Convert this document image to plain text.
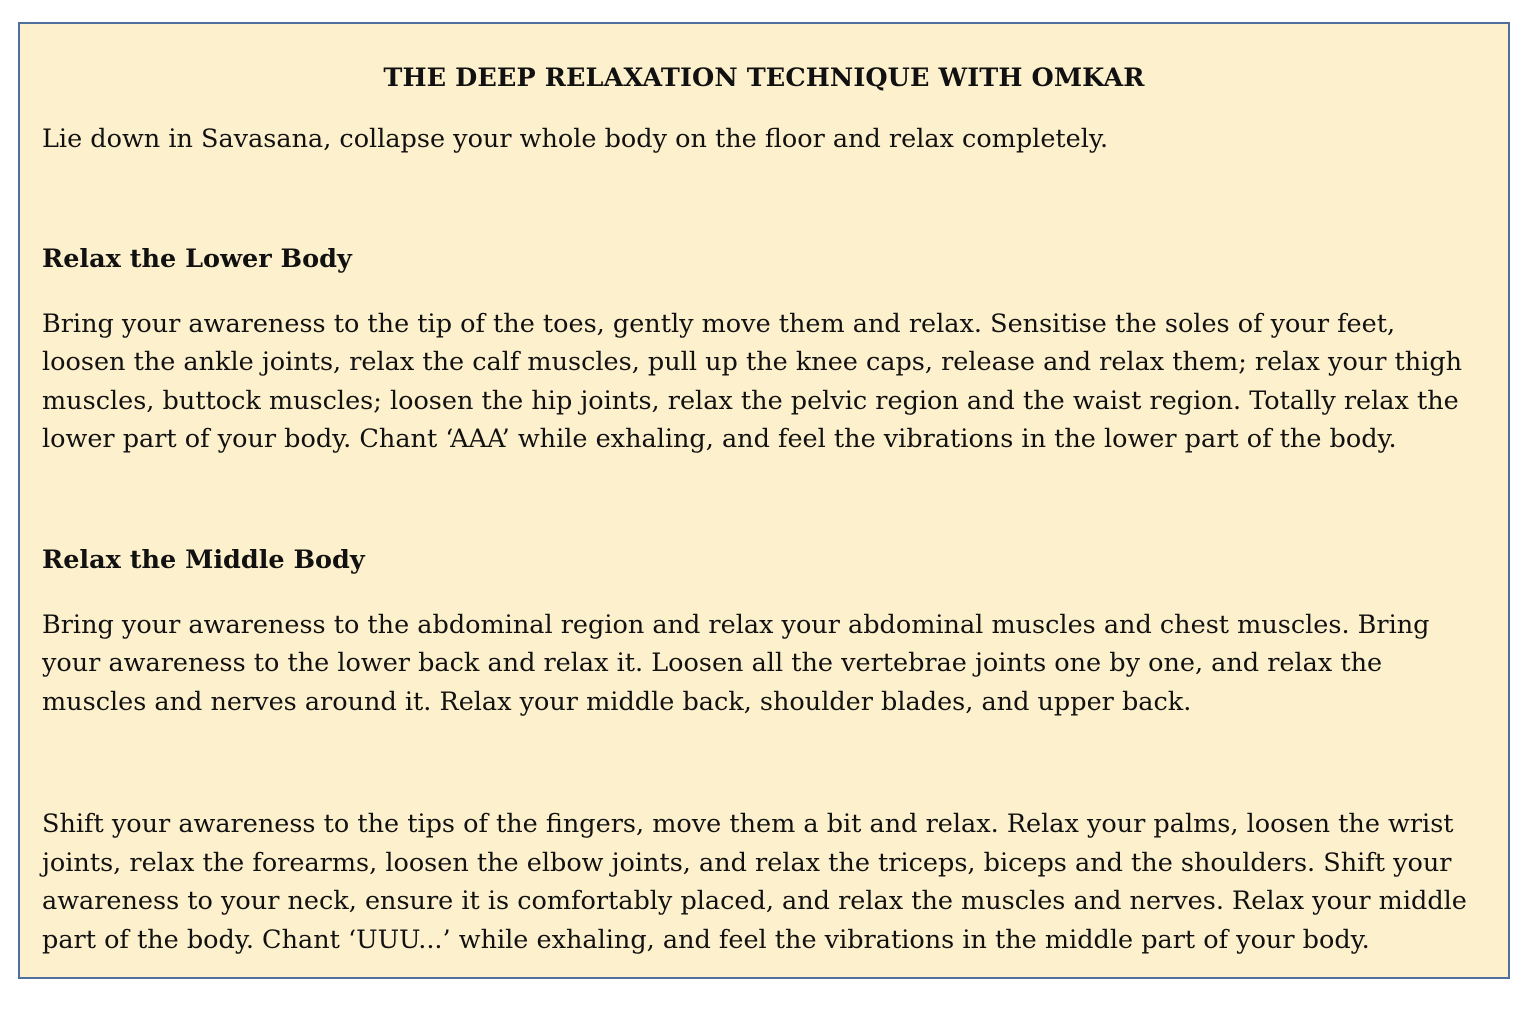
THE DEEP RELAXATION TECHNIQUE WITH OMKAR

Lie down in Savasana, collapse your whole body on the floor and relax completely.

Relax the Lower Body

Bring your awareness to the tip of the toes, gently move them and relax. Sensitise the soles of your feet, loosen the ankle joints, relax the calf muscles, pull up the knee caps, release and relax them; relax your thigh muscles, buttock muscles; loosen the hip joints, relax the pelvic region and the waist region. Totally relax the lower part of your body. Chant ‘AAA’ while exhaling, and feel the vibrations in the lower part of the body.

Relax the Middle Body

Bring your awareness to the abdominal region and relax your abdominal muscles and chest muscles. Bring your awareness to the lower back and relax it. Loosen all the vertebrae joints one by one, and relax the muscles and nerves around it. Relax your middle back, shoulder blades, and upper back.

Shift your awareness to the tips of the fingers, move them a bit and relax. Relax your palms, loosen the wrist joints, relax the forearms, loosen the elbow joints, and relax the triceps, biceps and the shoulders. Shift your awareness to your neck, ensure it is comfortably placed, and relax the muscles and nerves. Relax your middle part of the body. Chant ‘UUU...’ while exhaling, and feel the vibrations in the middle part of your body.
